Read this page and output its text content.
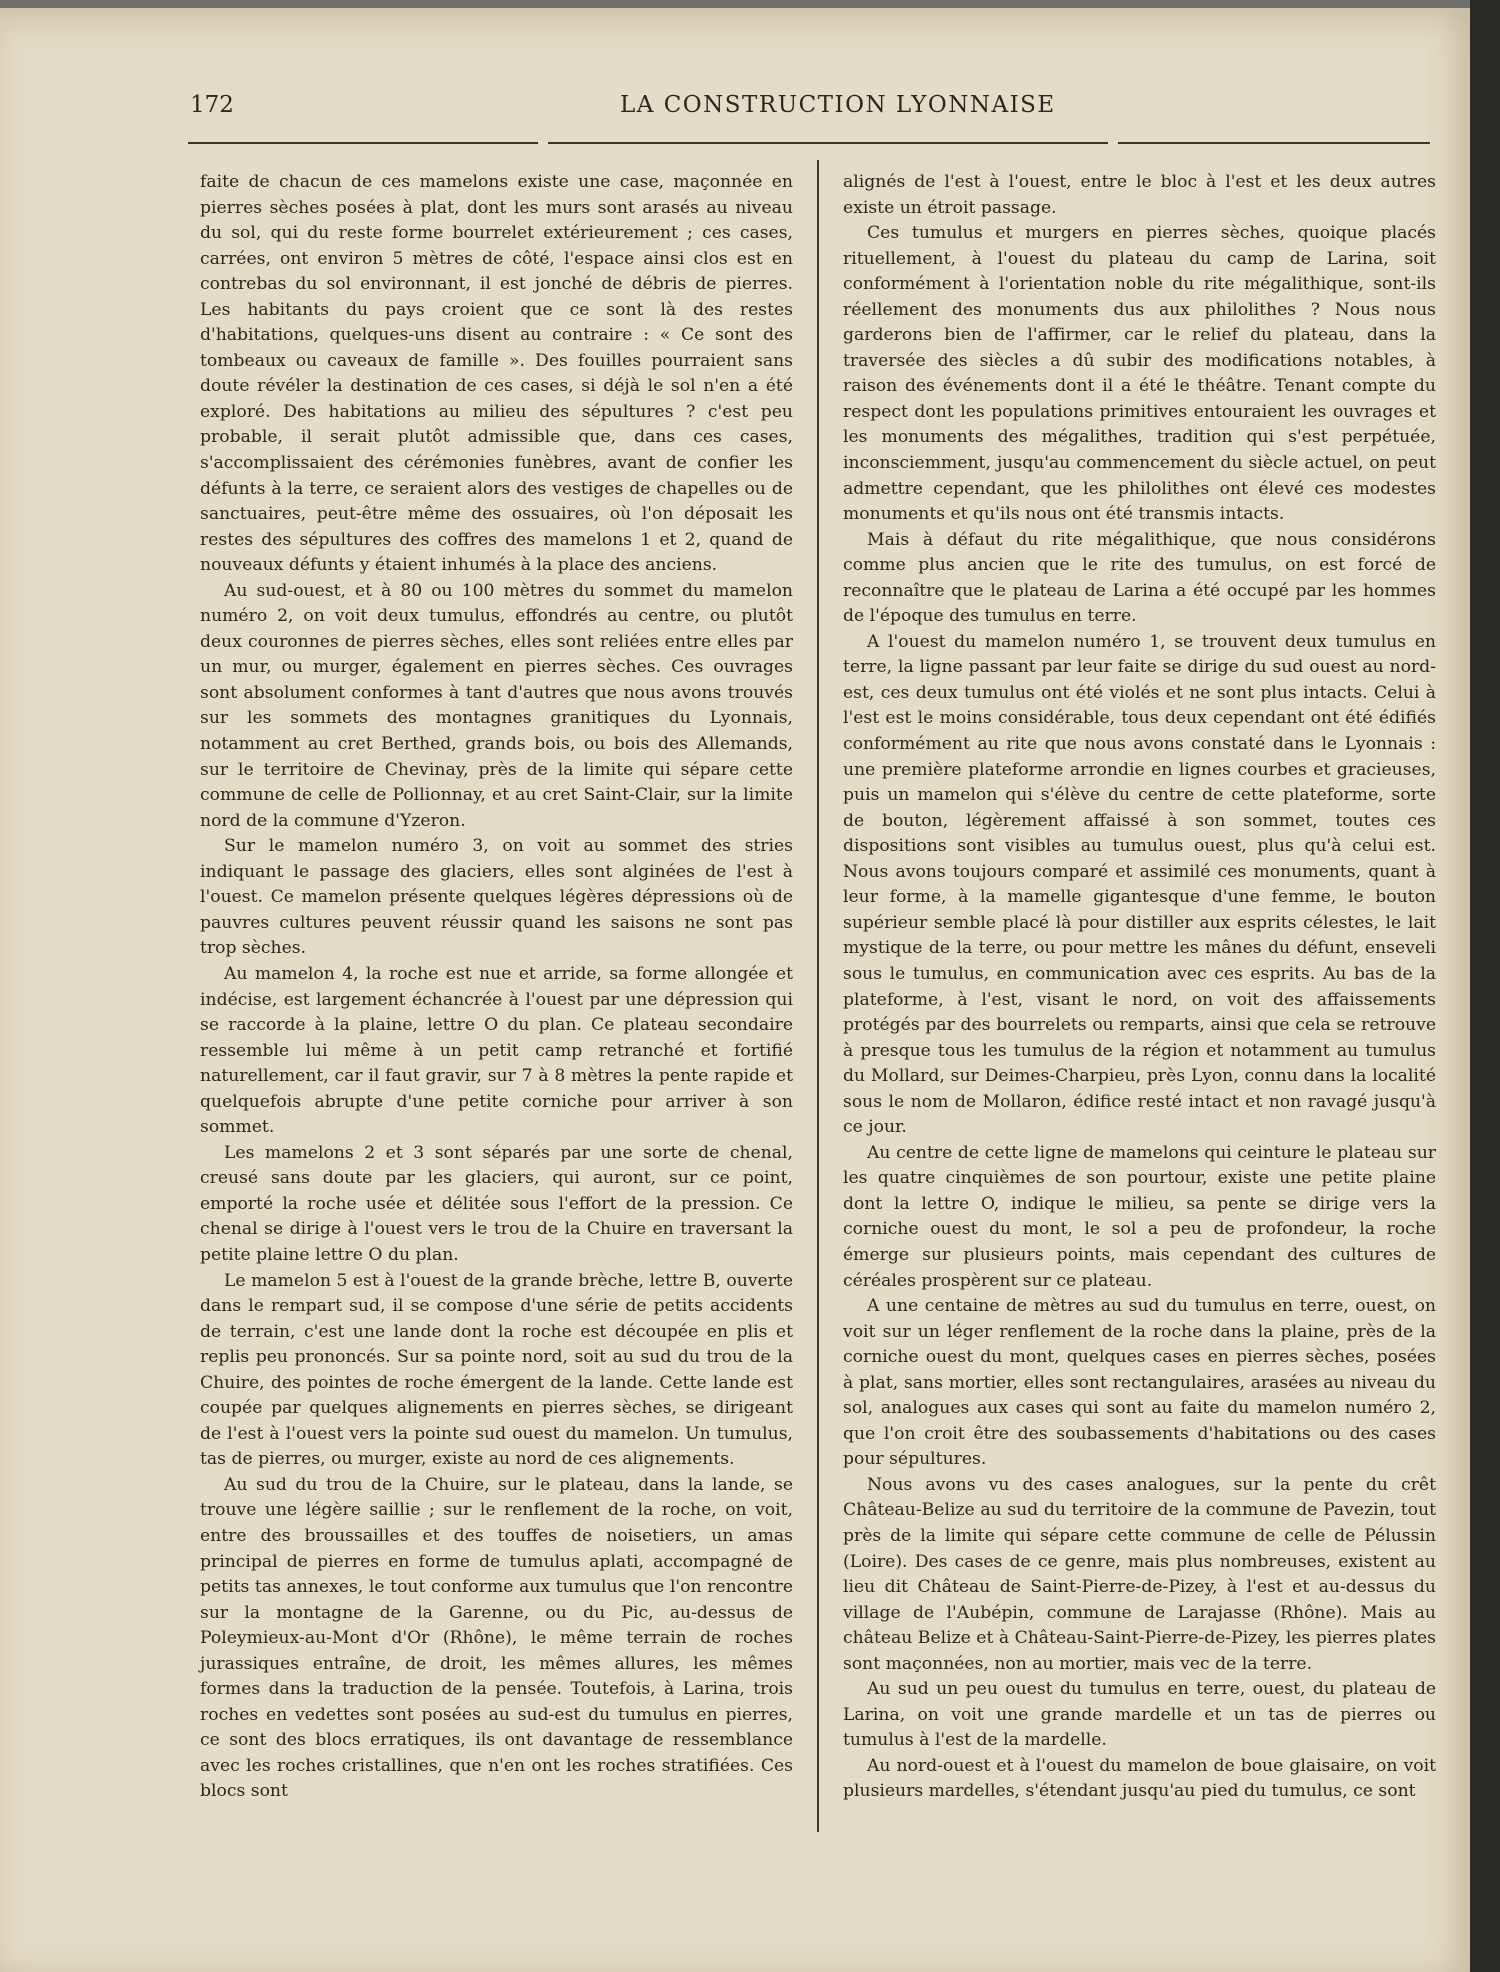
172	LA CONSTRUCTION LYONNAISE

faite de chacun de ces mamelons existe une case, maçonnée en pierres sèches posées à plat, dont les murs sont arasés au niveau du sol, qui du reste forme bourrelet extérieurement ; ces cases, carrées, ont environ 5 mètres de côté, l'espace ainsi clos est en contrebas du sol environnant, il est jonché de débris de pierres. Les habitants du pays croient que ce sont là des restes d'habitations, quelques-uns disent au contraire : « Ce sont des tombeaux ou caveaux de famille ». Des fouilles pourraient sans doute révéler la destination de ces cases, si déjà le sol n'en a été exploré. Des habitations au milieu des sépultures ? c'est peu probable, il serait plutôt admissible que, dans ces cases, s'accomplissaient des cérémonies funèbres, avant de confier les défunts à la terre, ce seraient alors des vestiges de chapelles ou de sanctuaires, peut-être même des ossuaires, où l'on déposait les restes des sépultures des coffres des mamelons 1 et 2, quand de nouveaux défunts y étaient inhumés à la place des anciens.

Au sud-ouest, et à 80 ou 100 mètres du sommet du mamelon numéro 2, on voit deux tumulus, effondrés au centre, ou plutôt deux couronnes de pierres sèches, elles sont reliées entre elles par un mur, ou murger, également en pierres sèches. Ces ouvrages sont absolument conformes à tant d'autres que nous avons trouvés sur les sommets des montagnes granitiques du Lyonnais, notamment au cret Berthed, grands bois, ou bois des Allemands, sur le territoire de Chevinay, près de la limite qui sépare cette commune de celle de Pollionnay, et au cret Saint-Clair, sur la limite nord de la commune d'Yzeron.

Sur le mamelon numéro 3, on voit au sommet des stries indiquant le passage des glaciers, elles sont alginées de l'est à l'ouest. Ce mamelon présente quelques légères dépressions où de pauvres cultures peuvent réussir quand les saisons ne sont pas trop sèches.

Au mamelon 4, la roche est nue et arride, sa forme allongée et indécise, est largement échancrée à l'ouest par une dépression qui se raccorde à la plaine, lettre O du plan. Ce plateau secondaire ressemble lui même à un petit camp retranché et fortifié naturellement, car il faut gravir, sur 7 à 8 mètres la pente rapide et quelquefois abrupte d'une petite corniche pour arriver à son sommet.

Les mamelons 2 et 3 sont séparés par une sorte de chenal, creusé sans doute par les glaciers, qui auront, sur ce point, emporté la roche usée et délitée sous l'effort de la pression. Ce chenal se dirige à l'ouest vers le trou de la Chuire en traversant la petite plaine lettre O du plan.

Le mamelon 5 est à l'ouest de la grande brèche, lettre B, ouverte dans le rempart sud, il se compose d'une série de petits accidents de terrain, c'est une lande dont la roche est découpée en plis et replis peu prononcés. Sur sa pointe nord, soit au sud du trou de la Chuire, des pointes de roche émergent de la lande. Cette lande est coupée par quelques alignements en pierres sèches, se dirigeant de l'est à l'ouest vers la pointe sud ouest du mamelon. Un tumulus, tas de pierres, ou murger, existe au nord de ces alignements.

Au sud du trou de la Chuire, sur le plateau, dans la lande, se trouve une légère saillie ; sur le renflement de la roche, on voit, entre des broussailles et des touffes de noisetiers, un amas principal de pierres en forme de tumulus aplati, accompagné de petits tas annexes, le tout conforme aux tumulus que l'on rencontre sur la montagne de la Garenne, ou du Pic, au-dessus de Poleymieux-au-Mont d'Or (Rhône), le même terrain de roches jurassiques entraîne, de droit, les mêmes allures, les mêmes formes dans la traduction de la pensée. Toutefois, à Larina, trois roches en vedettes sont posées au sud-est du tumulus en pierres, ce sont des blocs erratiques, ils ont davantage de ressemblance avec les roches cristallines, que n'en ont les roches stratifiées. Ces blocs sont

alignés de l'est à l'ouest, entre le bloc à l'est et les deux autres existe un étroit passage.

Ces tumulus et murgers en pierres sèches, quoique placés rituellement, à l'ouest du plateau du camp de Larina, soit conformément à l'orientation noble du rite mégalithique, sont-ils réellement des monuments dus aux philolithes ? Nous nous garderons bien de l'affirmer, car le relief du plateau, dans la traversée des siècles a dû subir des modifications notables, à raison des événements dont il a été le théâtre. Tenant compte du respect dont les populations primitives entouraient les ouvrages et les monuments des mégalithes, tradition qui s'est perpétuée, inconsciemment, jusqu'au commencement du siècle actuel, on peut admettre cependant, que les philolithes ont élevé ces modestes monuments et qu'ils nous ont été transmis intacts.

Mais à défaut du rite mégalithique, que nous considérons comme plus ancien que le rite des tumulus, on est forcé de reconnaître que le plateau de Larina a été occupé par les hommes de l'époque des tumulus en terre.

A l'ouest du mamelon numéro 1, se trouvent deux tumulus en terre, la ligne passant par leur faite se dirige du sud ouest au nord-est, ces deux tumulus ont été violés et ne sont plus intacts. Celui à l'est est le moins considérable, tous deux cependant ont été édifiés conformément au rite que nous avons constaté dans le Lyonnais : une première plateforme arrondie en lignes courbes et gracieuses, puis un mamelon qui s'élève du centre de cette plateforme, sorte de bouton, légèrement affaissé à son sommet, toutes ces dispositions sont visibles au tumulus ouest, plus qu'à celui est. Nous avons toujours comparé et assimilé ces monuments, quant à leur forme, à la mamelle gigantesque d'une femme, le bouton supérieur semble placé là pour distiller aux esprits célestes, le lait mystique de la terre, ou pour mettre les mânes du défunt, enseveli sous le tumulus, en communication avec ces esprits. Au bas de la plateforme, à l'est, visant le nord, on voit des affaissements protégés par des bourrelets ou remparts, ainsi que cela se retrouve à presque tous les tumulus de la région et notamment au tumulus du Mollard, sur Deimes-Charpieu, près Lyon, connu dans la localité sous le nom de Mollaron, édifice resté intact et non ravagé jusqu'à ce jour.

Au centre de cette ligne de mamelons qui ceinture le plateau sur les quatre cinquièmes de son pourtour, existe une petite plaine dont la lettre O, indique le milieu, sa pente se dirige vers la corniche ouest du mont, le sol a peu de profondeur, la roche émerge sur plusieurs points, mais cependant des cultures de céréales prospèrent sur ce plateau.

A une centaine de mètres au sud du tumulus en terre, ouest, on voit sur un léger renflement de la roche dans la plaine, près de la corniche ouest du mont, quelques cases en pierres sèches, posées à plat, sans mortier, elles sont rectangulaires, arasées au niveau du sol, analogues aux cases qui sont au faite du mamelon numéro 2, que l'on croit être des soubassements d'habitations ou des cases pour sépultures.

Nous avons vu des cases analogues, sur la pente du crêt Château-Belize au sud du territoire de la commune de Pavezin, tout près de la limite qui sépare cette commune de celle de Pélussin (Loire). Des cases de ce genre, mais plus nombreuses, existent au lieu dit Château de Saint-Pierre-de-Pizey, à l'est et au-dessus du village de l'Aubépin, commune de Larajasse (Rhône). Mais au château Belize et à Château-Saint-Pierre-de-Pizey, les pierres plates sont maçonnées, non au mortier, mais vec de la terre.

Au sud un peu ouest du tumulus en terre, ouest, du plateau de Larina, on voit une grande mardelle et un tas de pierres ou tumulus à l'est de la mardelle.

Au nord-ouest et à l'ouest du mamelon de boue glaisaire, on voit plusieurs mardelles, s'étendant jusqu'au pied du tumulus, ce sont
